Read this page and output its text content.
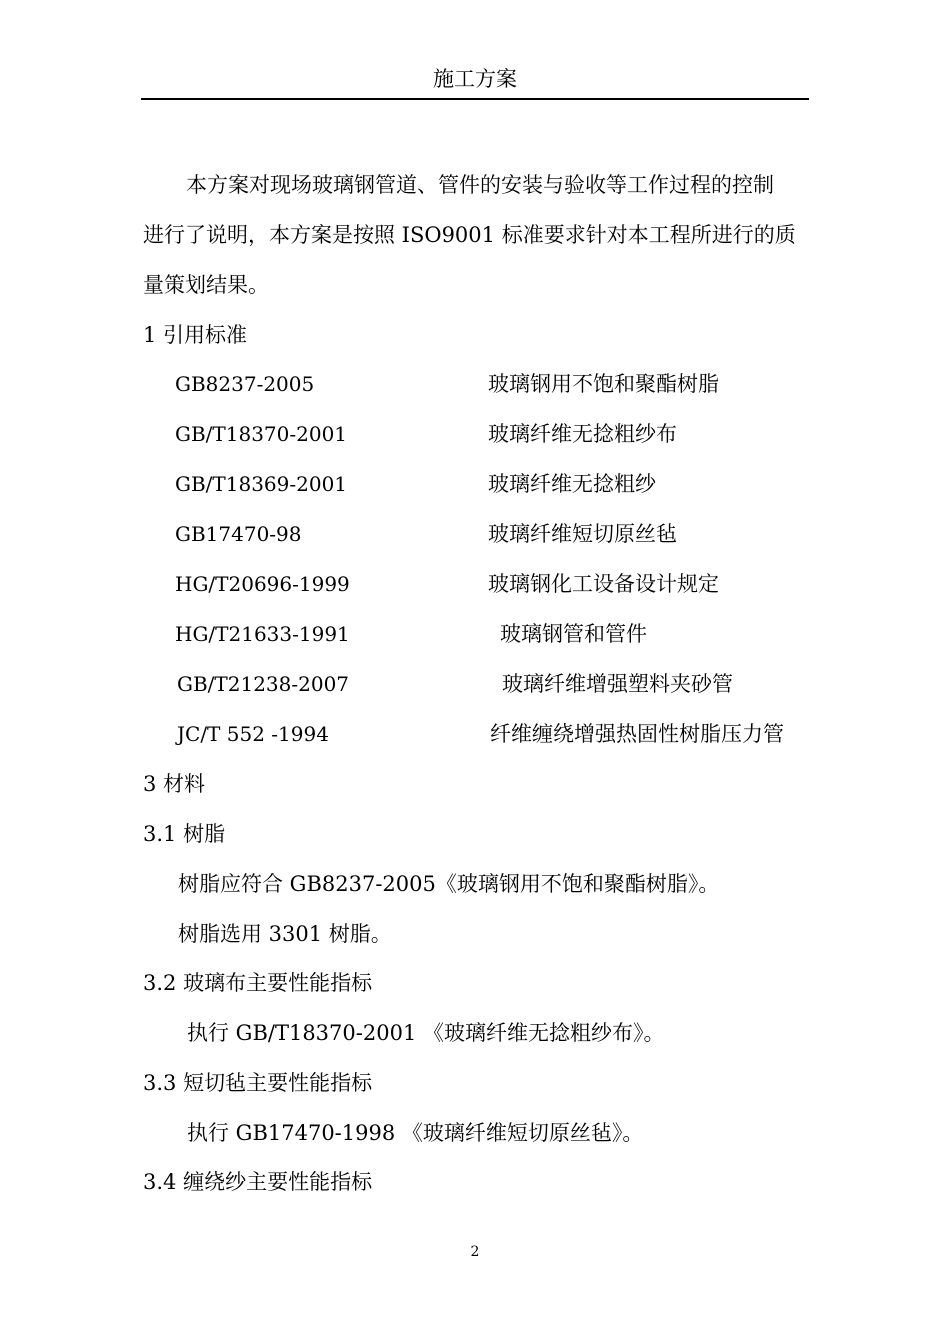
施工方案
本方案对现场玻璃钢管道、管件的安装与验收等工作过程的控制
进行了说明，本方案是按照 ISO9001 标准要求针对本工程所进行的质
量策划结果。
1 引用标准
GB8237-2005	玻璃钢用不饱和聚酯树脂
GB/T18370-2001	玻璃纤维无捻粗纱布
GB/T18369-2001	玻璃纤维无捻粗纱
GB17470-98	玻璃纤维短切原丝毡
HG/T20696-1999	玻璃钢化工设备设计规定
HG/T21633-1991	玻璃钢管和管件
GB/T21238-2007	玻璃纤维增强塑料夹砂管
JC/T 552 -1994	纤维缠绕增强热固性树脂压力管
3 材料
3.1 树脂
树脂应符合 GB8237-2005《玻璃钢用不饱和聚酯树脂》。
树脂选用 3301 树脂。
3.2 玻璃布主要性能指标
执行 GB/T18370-2001 《玻璃纤维无捻粗纱布》。
3.3 短切毡主要性能指标
执行 GB17470-1998 《玻璃纤维短切原丝毡》。
3.4 缠绕纱主要性能指标
2
